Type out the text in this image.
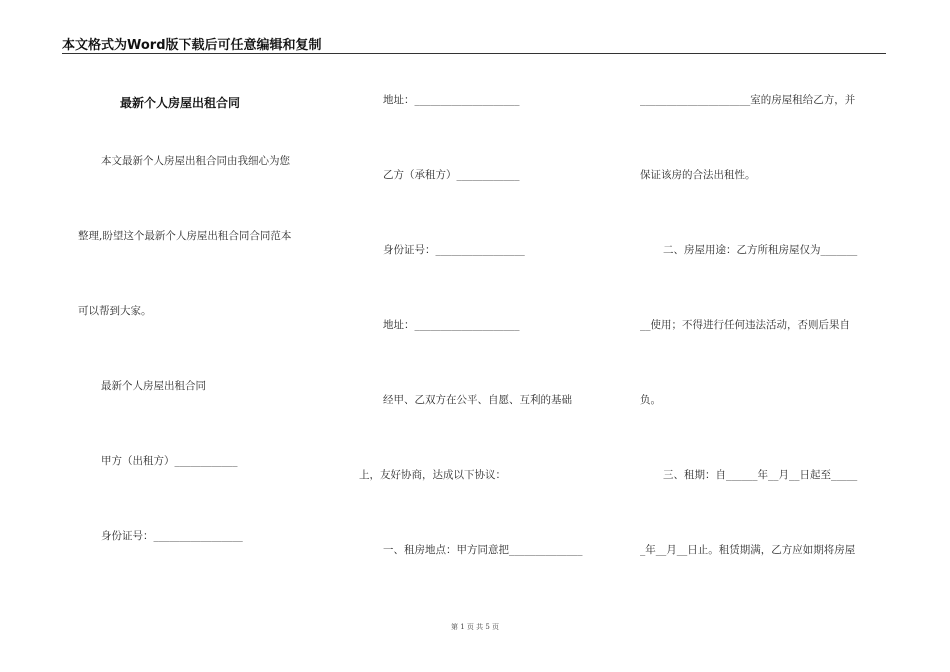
本文格式为Word版下载后可任意编辑和复制
最新个人房屋出租合同
本文最新个人房屋出租合同由我细心为您
整理,盼望这个最新个人房屋出租合同合同范本
可以帮到大家。
最新个人房屋出租合同
甲方（出租方）____________
身份证号：_________________
地址：____________________
乙方（承租方）____________
身份证号：_________________
地址：____________________
经甲、乙双方在公平、自愿、互利的基础
上，友好协商，达成以下协议：
一、租房地点：甲方同意把______________
_____________________室的房屋租给乙方，并
保证该房的合法出租性。
二、房屋用途：乙方所租房屋仅为_______
__使用；不得进行任何违法活动，否则后果自
负。
三、租期：自______年__月__日起至_____
_年__月__日止。租赁期满，乙方应如期将房屋
第 1 页 共 5 页
